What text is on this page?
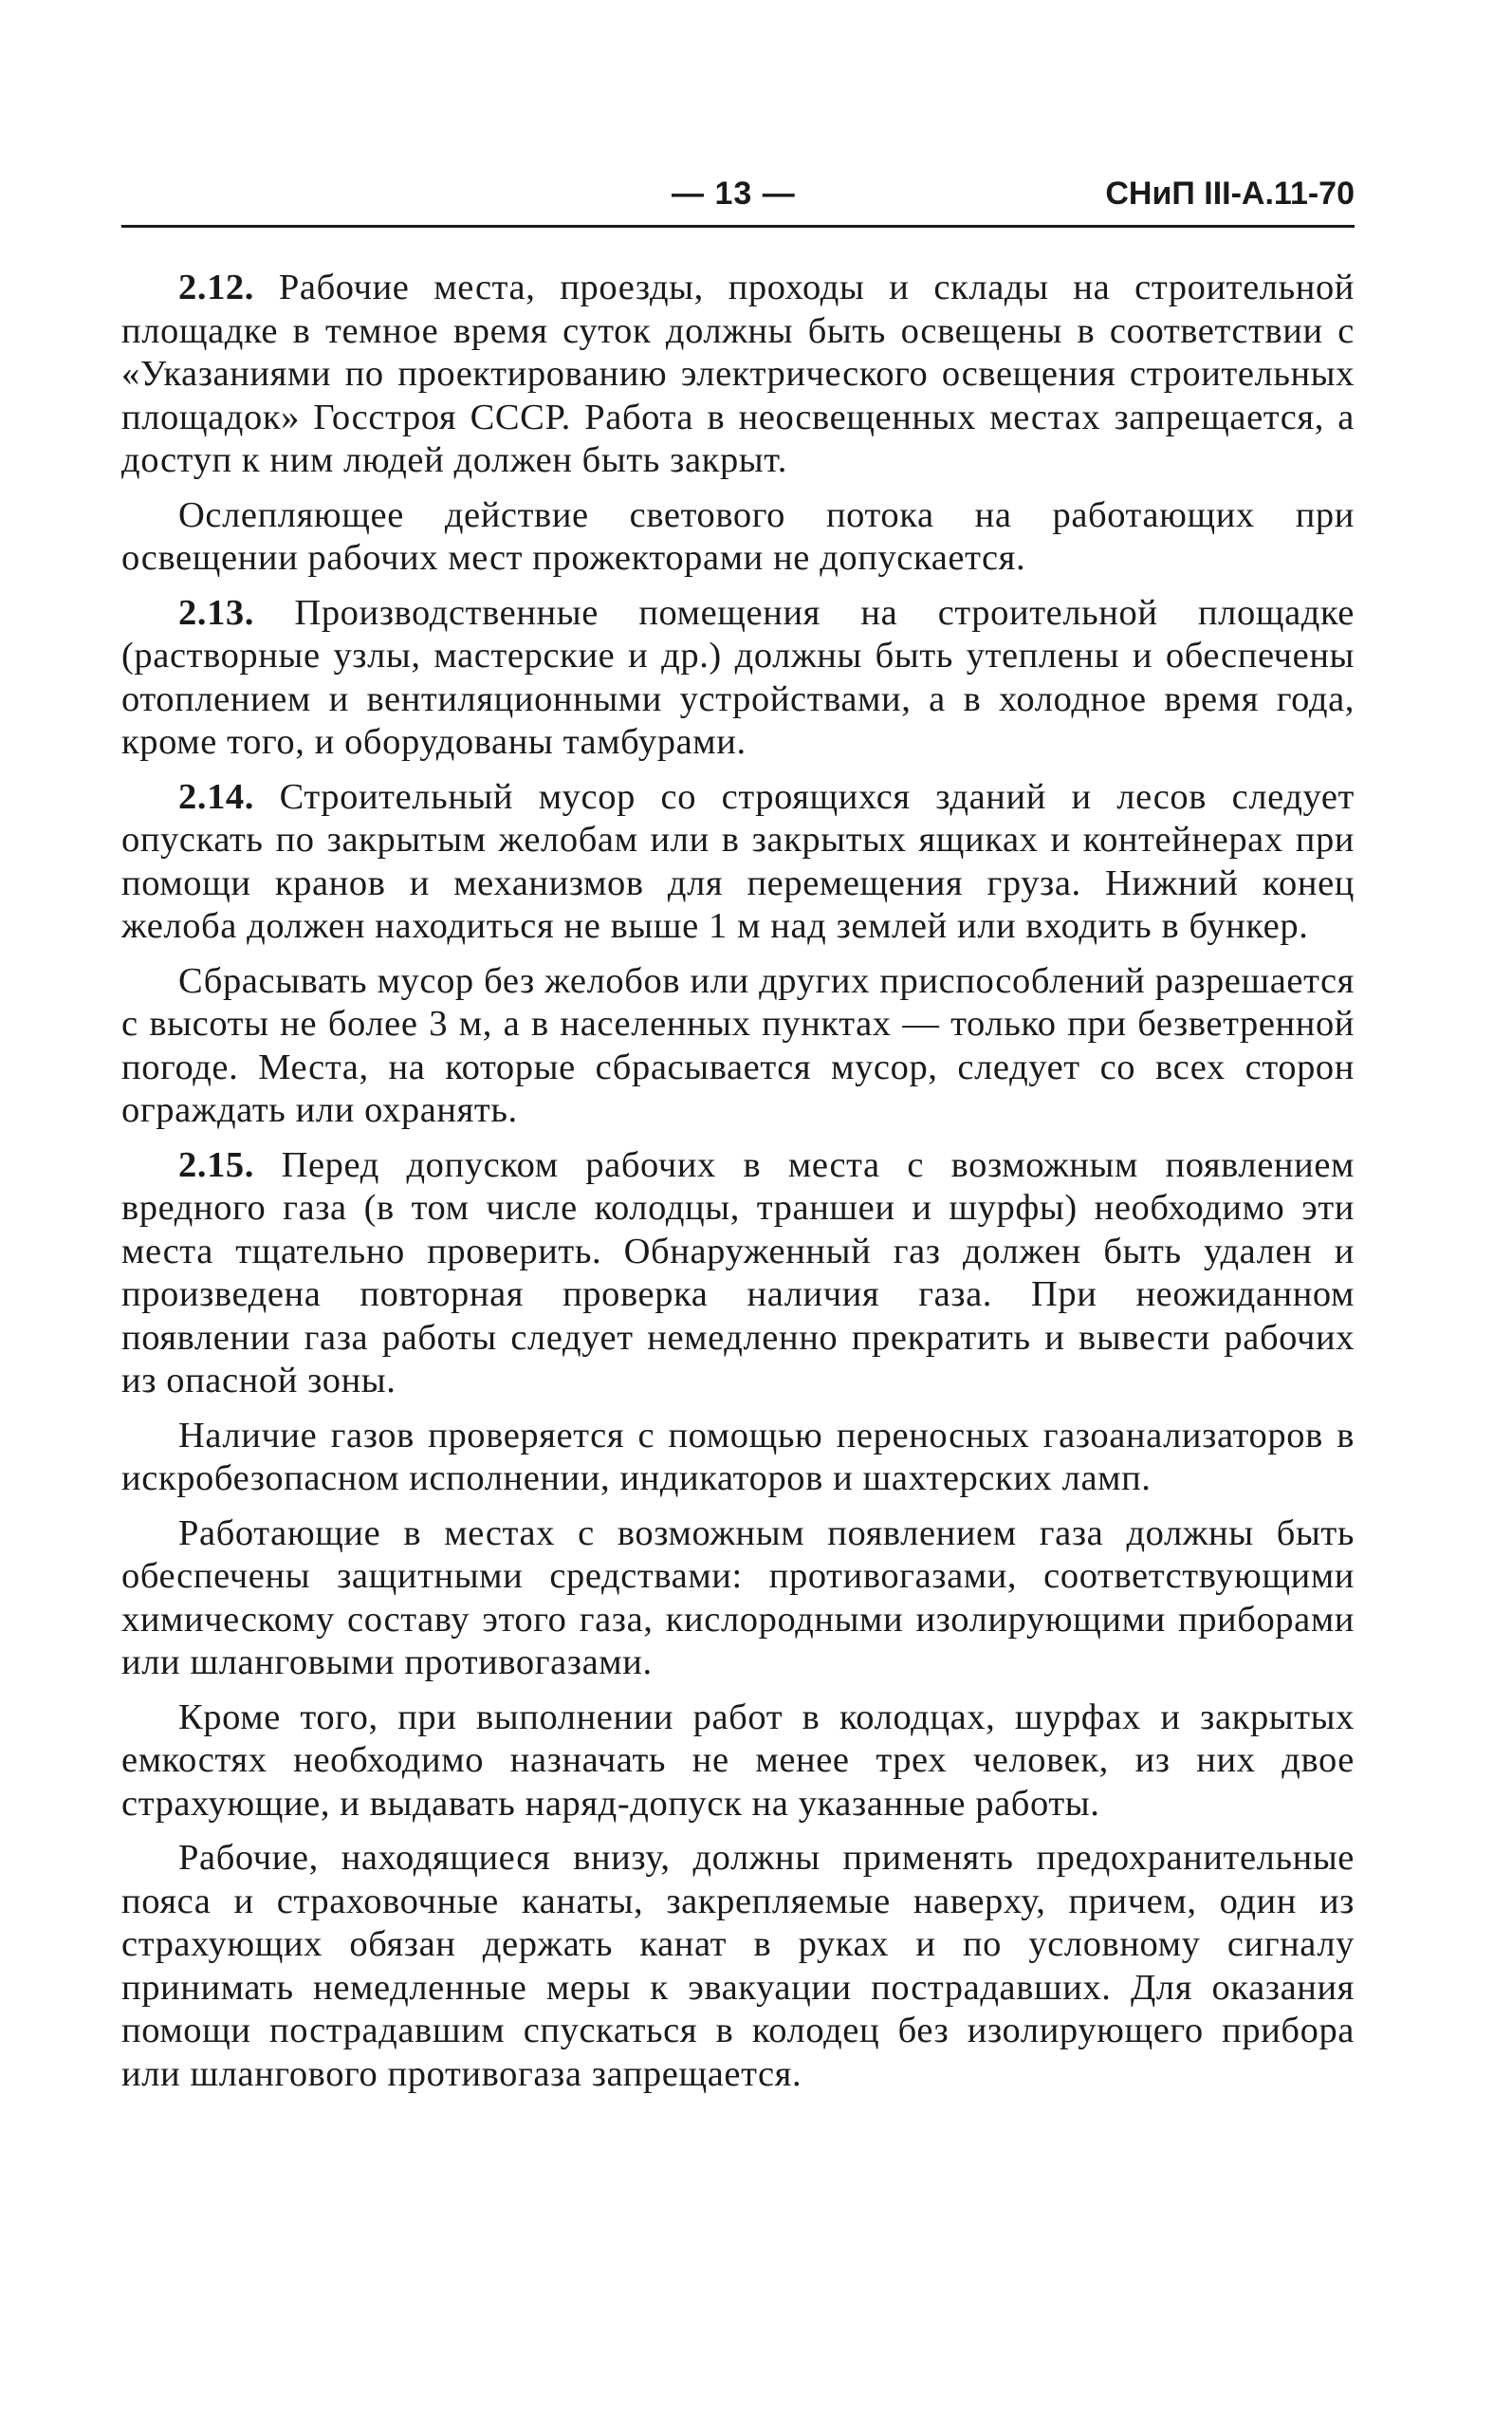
— 13 —	СНиП III-А.11-70

2.12. Рабочие места, проезды, проходы и склады на строительной площадке в темное время суток должны быть освещены в соответствии с «Указаниями по проектированию электрического освещения строительных площадок» Госстроя СССР. Работа в неосвещенных местах запрещается, а доступ к ним людей должен быть закрыт.

Ослепляющее действие светового потока на работающих при освещении рабочих мест прожекторами не допускается.

2.13. Производственные помещения на строительной площадке (растворные узлы, мастерские и др.) должны быть утеплены и обеспечены отоплением и вентиляционными устройствами, а в холодное время года, кроме того, и оборудованы тамбурами.

2.14. Строительный мусор со строящихся зданий и лесов следует опускать по закрытым желобам или в закрытых ящиках и контейнерах при помощи кранов и механизмов для перемещения груза. Нижний конец желоба должен находиться не выше 1 м над землей или входить в бункер.

Сбрасывать мусор без желобов или других приспособлений разрешается с высоты не более 3 м, а в населенных пунктах — только при безветренной погоде. Места, на которые сбрасывается мусор, следует со всех сторон ограждать или охранять.

2.15. Перед допуском рабочих в места с возможным появлением вредного газа (в том числе колодцы, траншеи и шурфы) необходимо эти места тщательно проверить. Обнаруженный газ должен быть удален и произведена повторная проверка наличия газа. При неожиданном появлении газа работы следует немедленно прекратить и вывести рабочих из опасной зоны.

Наличие газов проверяется с помощью переносных газоанализаторов в искробезопасном исполнении, индикаторов и шахтерских ламп.

Работающие в местах с возможным появлением газа должны быть обеспечены защитными средствами: противогазами, соответствующими химическому составу этого газа, кислородными изолирующими приборами или шланговыми противогазами.

Кроме того, при выполнении работ в колодцах, шурфах и закрытых емкостях необходимо назначать не менее трех человек, из них двое страхующие, и выдавать наряд-допуск на указанные работы.

Рабочие, находящиеся внизу, должны применять предохранительные пояса и страховочные канаты, закрепляемые наверху, причем, один из страхующих обязан держать канат в руках и по условному сигналу принимать немедленные меры к эвакуации пострадавших. Для оказания помощи пострадавшим спускаться в колодец без изолирующего прибора или шлангового противогаза запрещается.
